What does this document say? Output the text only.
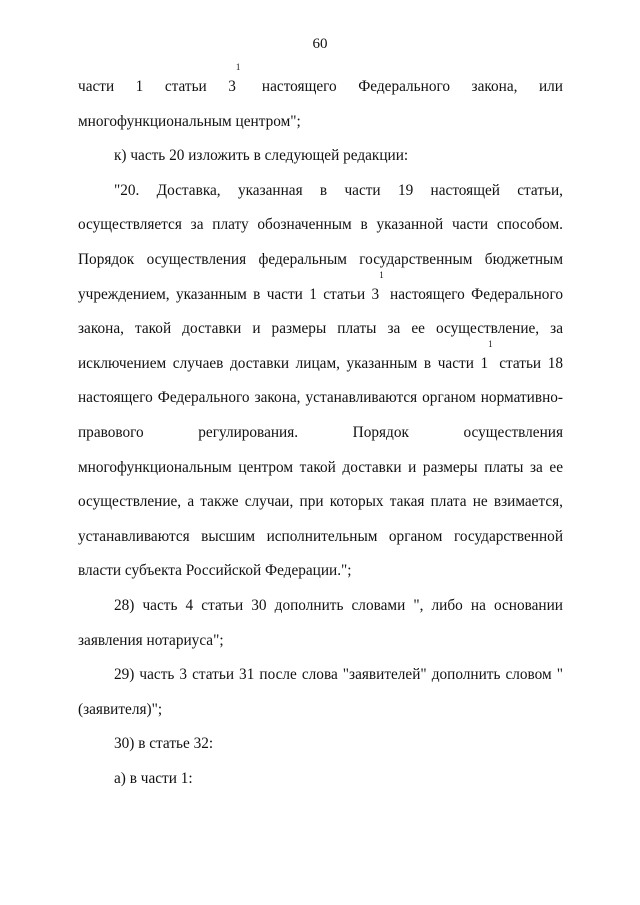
60

части 1 статьи $3^1$ настоящего Федерального закона, или многофункциональным центром";

к) часть 20 изложить в следующей редакции:

"20. Доставка, указанная в части 19 настоящей статьи, осуществляется за плату обозначенным в указанной части способом. Порядок осуществления федеральным государственным бюджетным учреждением, указанным в части 1 статьи $3^1$ настоящего Федерального закона, такой доставки и размеры платы за ее осуществление, за исключением случаев доставки лицам, указанным в части $1^1$ статьи 18 настоящего Федерального закона, устанавливаются органом нормативно-правового регулирования. Порядок осуществления многофункциональным центром такой доставки и размеры платы за ее осуществление, а также случаи, при которых такая плата не взимается, устанавливаются высшим исполнительным органом государственной власти субъекта Российской Федерации.";

28) часть 4 статьи 30 дополнить словами ", либо на основании заявления нотариуса";

29) часть 3 статьи 31 после слова "заявителей" дополнить словом "(заявителя)";

30) в статье 32:

а) в части 1:
